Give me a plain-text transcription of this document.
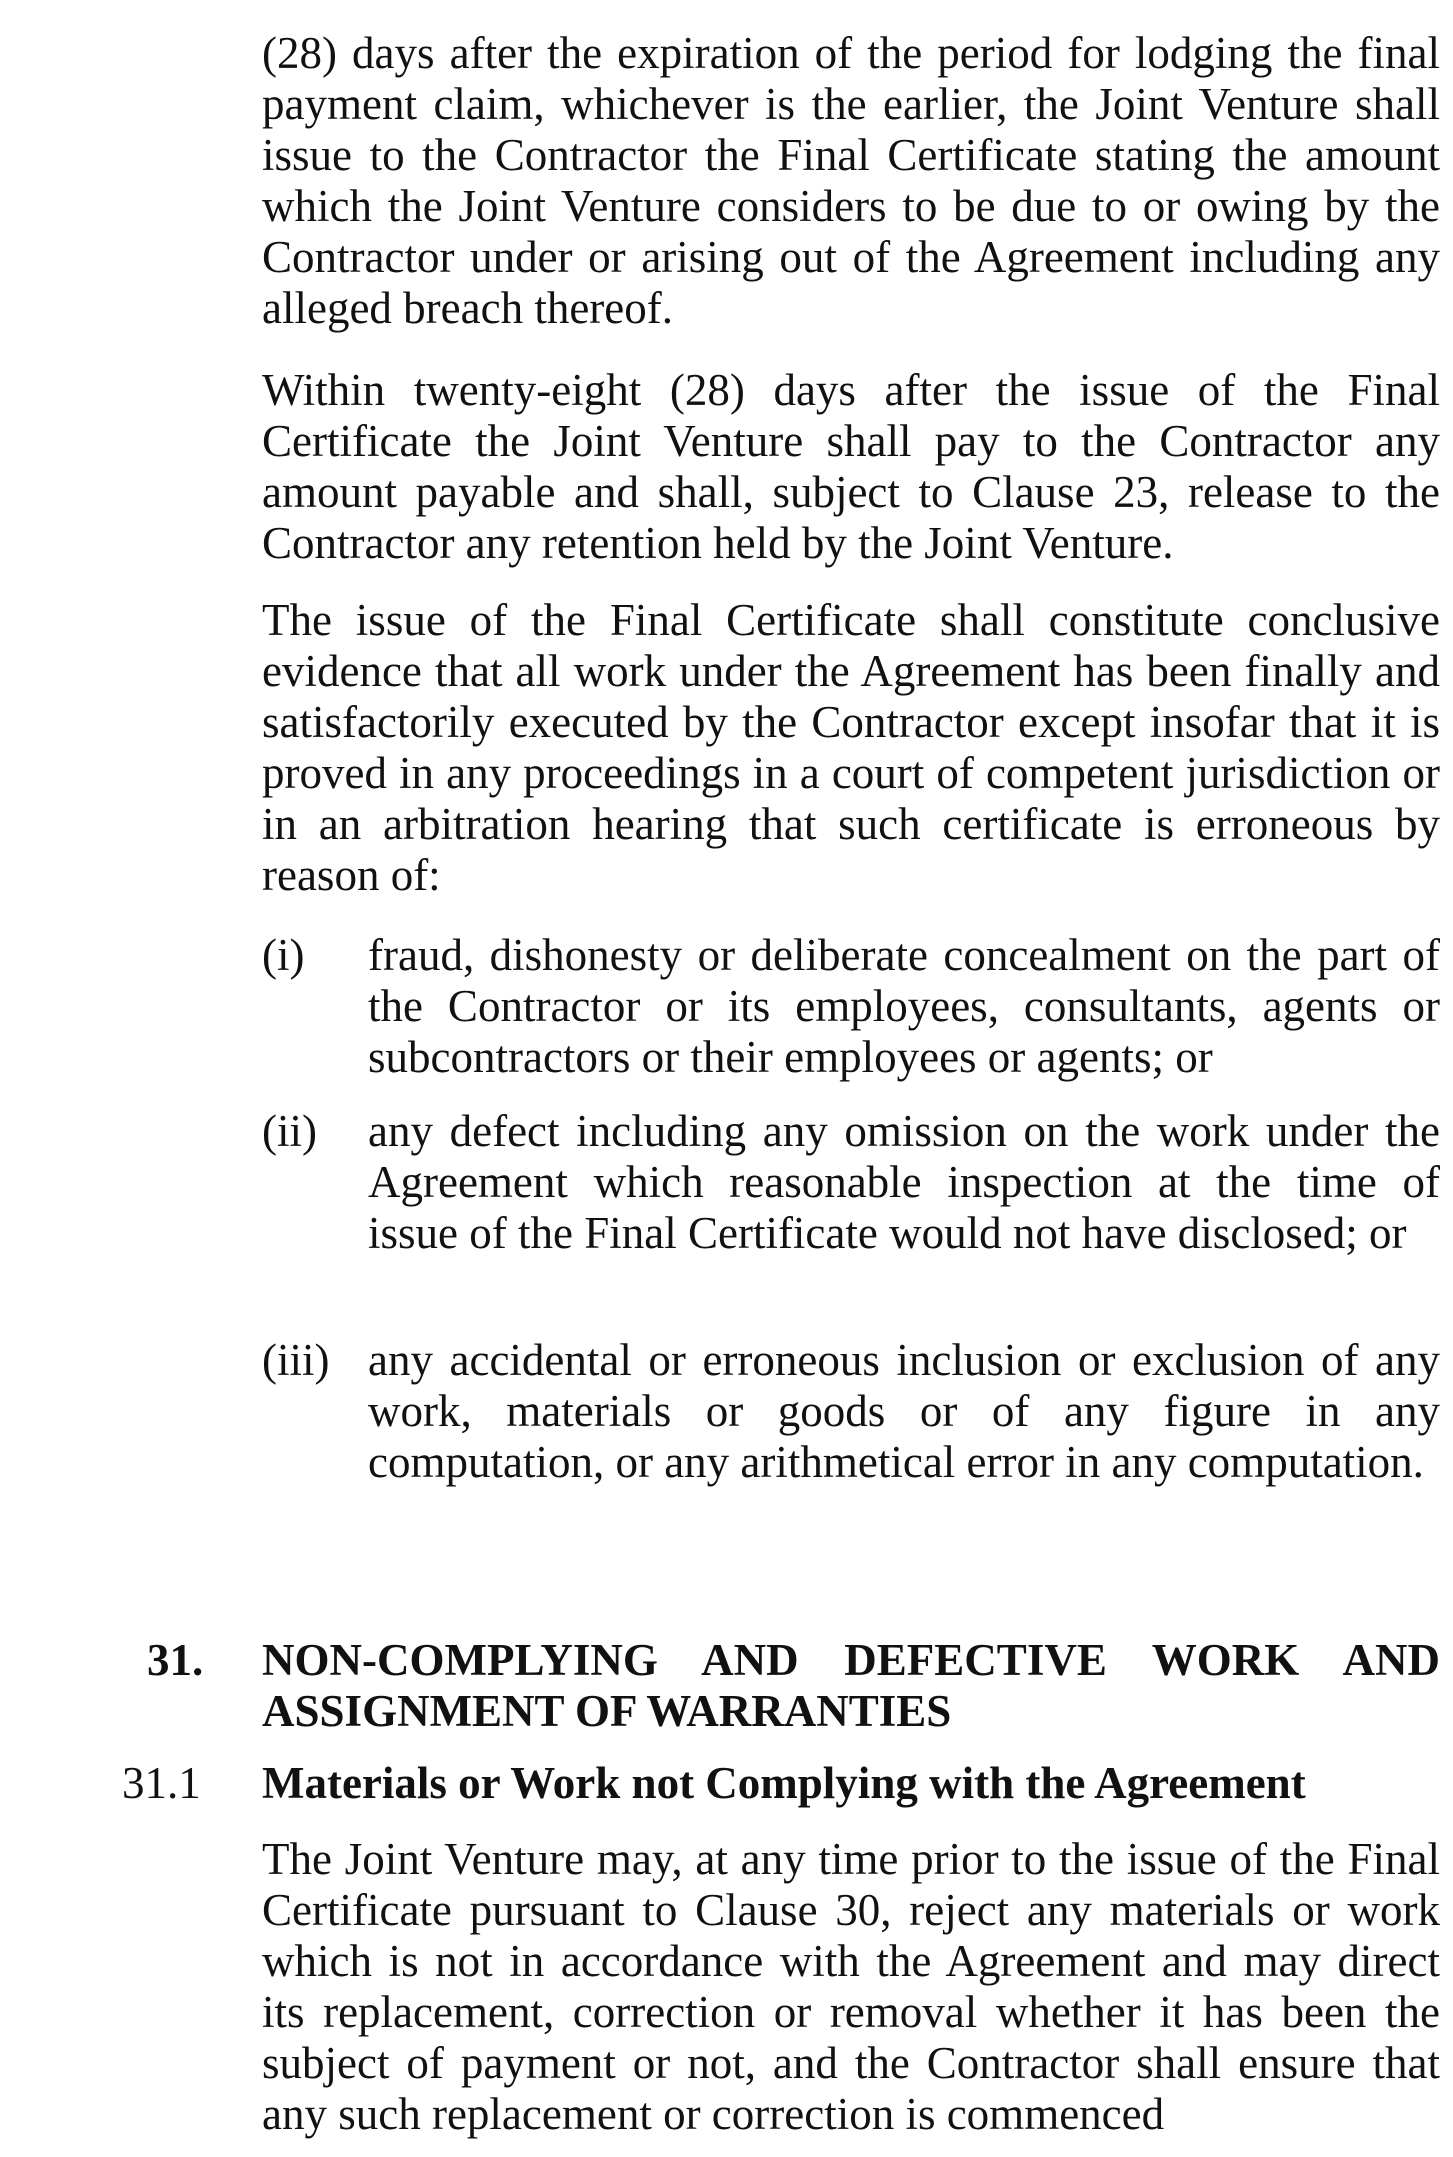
(28) days after the expiration of the period for lodging the final payment claim, whichever is the earlier, the Joint Venture shall issue to the Contractor the Final Certificate stating the amount which the Joint Venture considers to be due to or owing by the Contractor under or arising out of the Agreement including any alleged breach thereof.

Within twenty-eight (28) days after the issue of the Final Certificate the Joint Venture shall pay to the Contractor any amount payable and shall, subject to Clause 23, release to the Contractor any retention held by the Joint Venture.

The issue of the Final Certificate shall constitute conclusive evidence that all work under the Agreement has been finally and satisfactorily executed by the Contractor except insofar that it is proved in any proceedings in a court of competent jurisdiction or in an arbitration hearing that such certificate is erroneous by reason of:

(i) fraud, dishonesty or deliberate concealment on the part of the Contractor or its employees, consultants, agents or subcontractors or their employees or agents; or
(ii) any defect including any omission on the work under the Agreement which reasonable inspection at the time of issue of the Final Certificate would not have disclosed; or
(iii) any accidental or erroneous inclusion or exclusion of any work, materials or goods or of any figure in any computation, or any arithmetical error in any computation.
31. NON-COMPLYING AND DEFECTIVE WORK AND ASSIGNMENT OF WARRANTIES
31.1 Materials or Work not Complying with the Agreement

The Joint Venture may, at any time prior to the issue of the Final Certificate pursuant to Clause 30, reject any materials or work which is not in accordance with the Agreement and may direct its replacement, correction or removal whether it has been the subject of payment or not, and the Contractor shall ensure that any such replacement or correction is commenced
